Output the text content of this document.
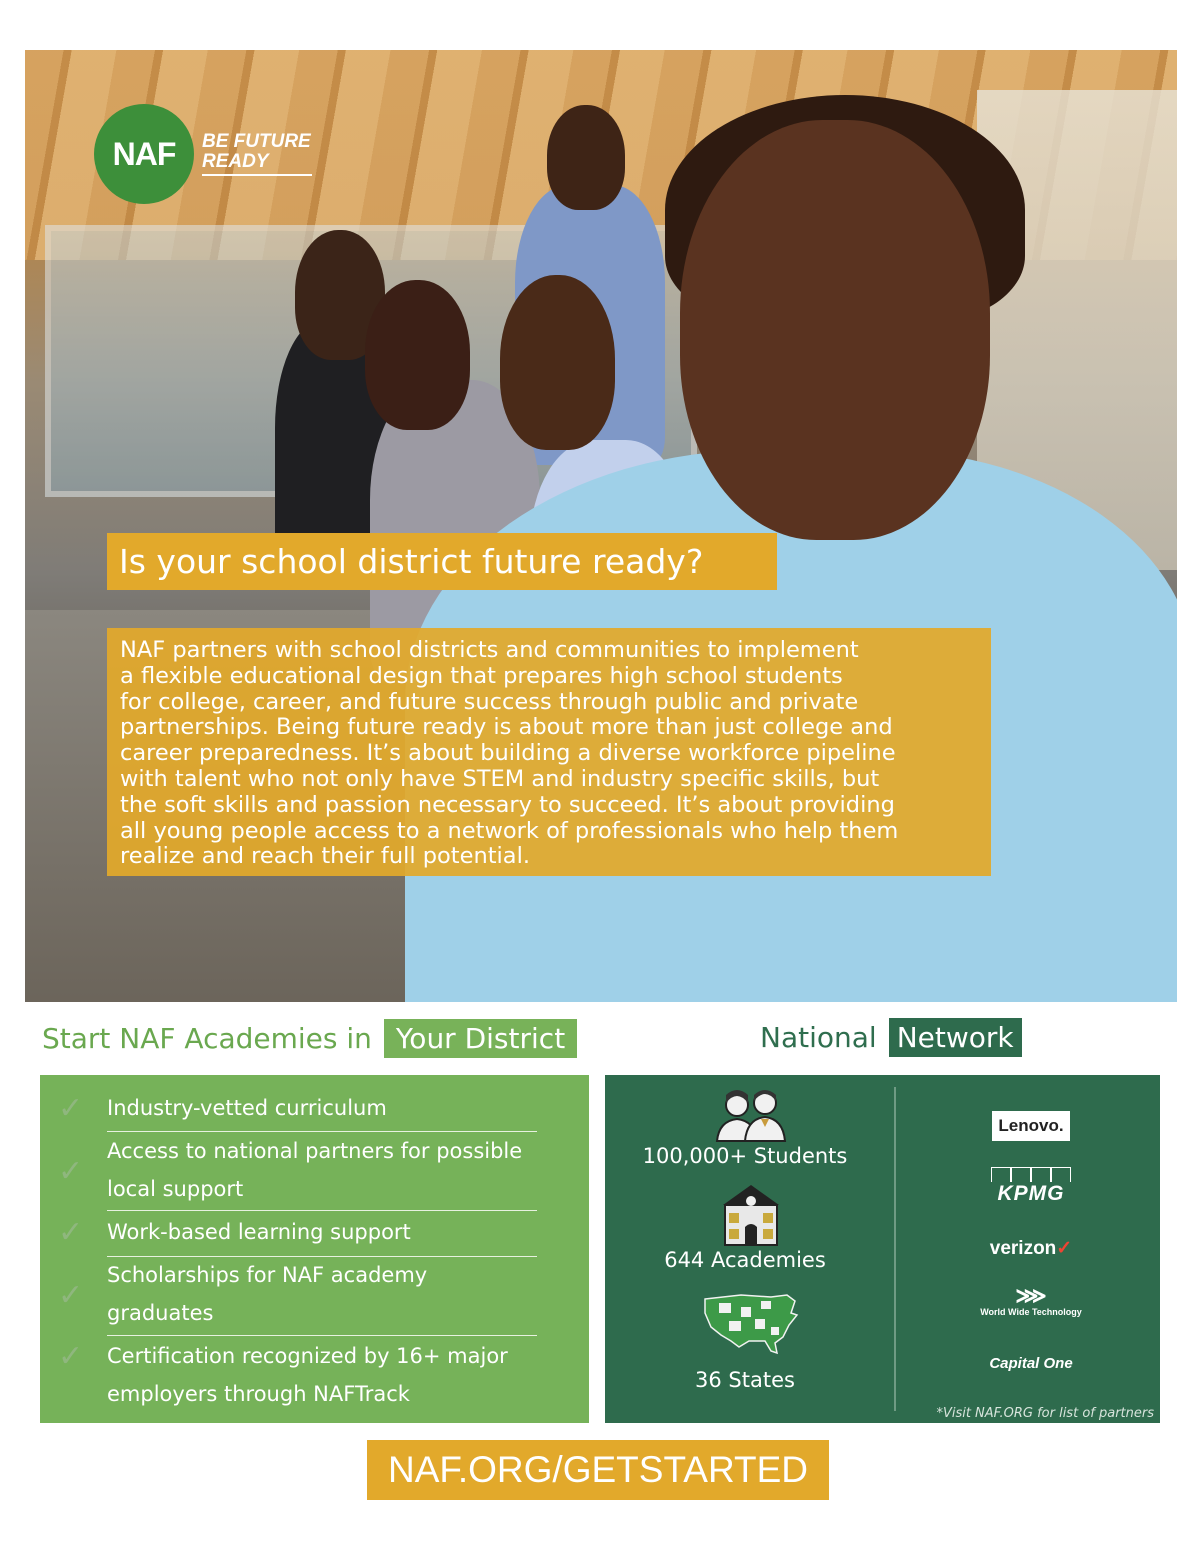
NAF BE FUTURE READY
Is your school district future ready?
NAF partners with school districts and communities to implement
a flexible educational design that prepares high school students
for college, career, and future success through public and private
partnerships. Being future ready is about more than just college and
career preparedness. It’s about building a diverse workforce pipeline
with talent who not only have STEM and industry specific skills, but
the soft skills and passion necessary to succeed. It’s about providing
all young people access to a network of professionals who help them
realize and reach their full potential.
Start NAF Academies in Your District	National Network
✓ Industry-vetted curriculum
✓
Access to national partners for possible local support
✓ Work-based learning support
✓
Scholarships for NAF academy graduates
✓ Certification recognized by 16+ major employers through NAFTrack
100,000+ Students
644 Academies
36 States
Lenovo.
KPMG
verizon✓
⋙
World Wide Technology
Capital One
*Visit NAF.ORG for list of partners
NAF.ORG/GETSTARTED
